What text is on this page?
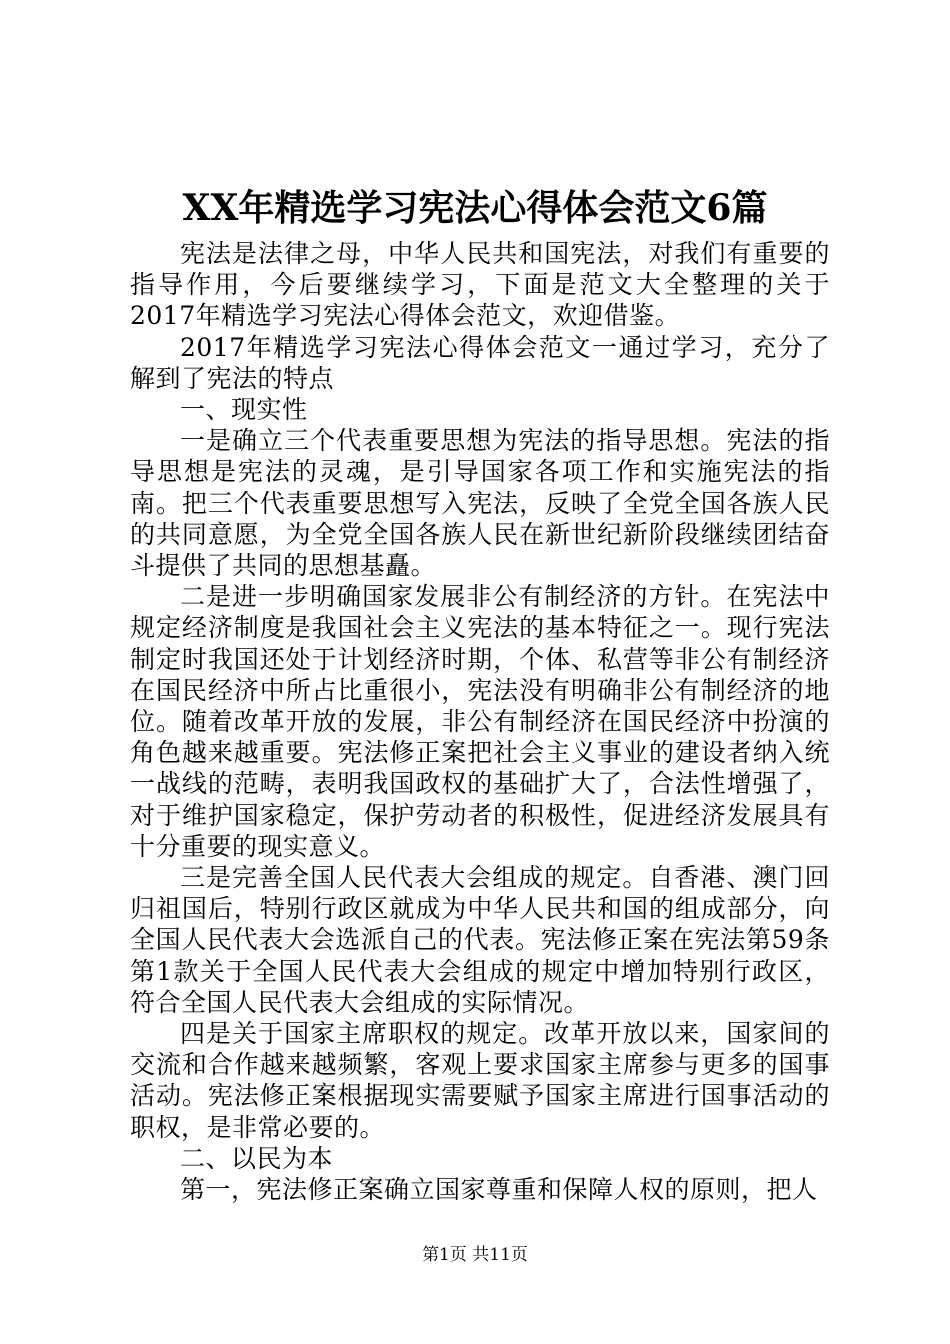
XX年精选学习宪法心得体会范文6篇

宪法是法律之母，中华人民共和国宪法，对我们有重要的指导作用，今后要继续学习，下面是范文大全整理的关于2017年精选学习宪法心得体会范文，欢迎借鉴。

2017年精选学习宪法心得体会范文一通过学习，充分了解到了宪法的特点

一、现实性

一是确立三个代表重要思想为宪法的指导思想。宪法的指导思想是宪法的灵魂，是引导国家各项工作和实施宪法的指南。把三个代表重要思想写入宪法，反映了全党全国各族人民的共同意愿，为全党全国各族人民在新世纪新阶段继续团结奋斗提供了共同的思想基矗。

二是进一步明确国家发展非公有制经济的方针。在宪法中规定经济制度是我国社会主义宪法的基本特征之一。现行宪法制定时我国还处于计划经济时期，个体、私营等非公有制经济在国民经济中所占比重很小，宪法没有明确非公有制经济的地位。随着改革开放的发展，非公有制经济在国民经济中扮演的角色越来越重要。宪法修正案把社会主义事业的建设者纳入统一战线的范畴，表明我国政权的基础扩大了，合法性增强了，对于维护国家稳定，保护劳动者的积极性，促进经济发展具有十分重要的现实意义。

三是完善全国人民代表大会组成的规定。自香港、澳门回归祖国后，特别行政区就成为中华人民共和国的组成部分，向全国人民代表大会选派自己的代表。宪法修正案在宪法第59条第1款关于全国人民代表大会组成的规定中增加特别行政区，符合全国人民代表大会组成的实际情况。

四是关于国家主席职权的规定。改革开放以来，国家间的交流和合作越来越频繁，客观上要求国家主席参与更多的国事活动。宪法修正案根据现实需要赋予国家主席进行国事活动的职权，是非常必要的。

二、以民为本

第一，宪法修正案确立国家尊重和保障人权的原则，把人

第1页 共11页
